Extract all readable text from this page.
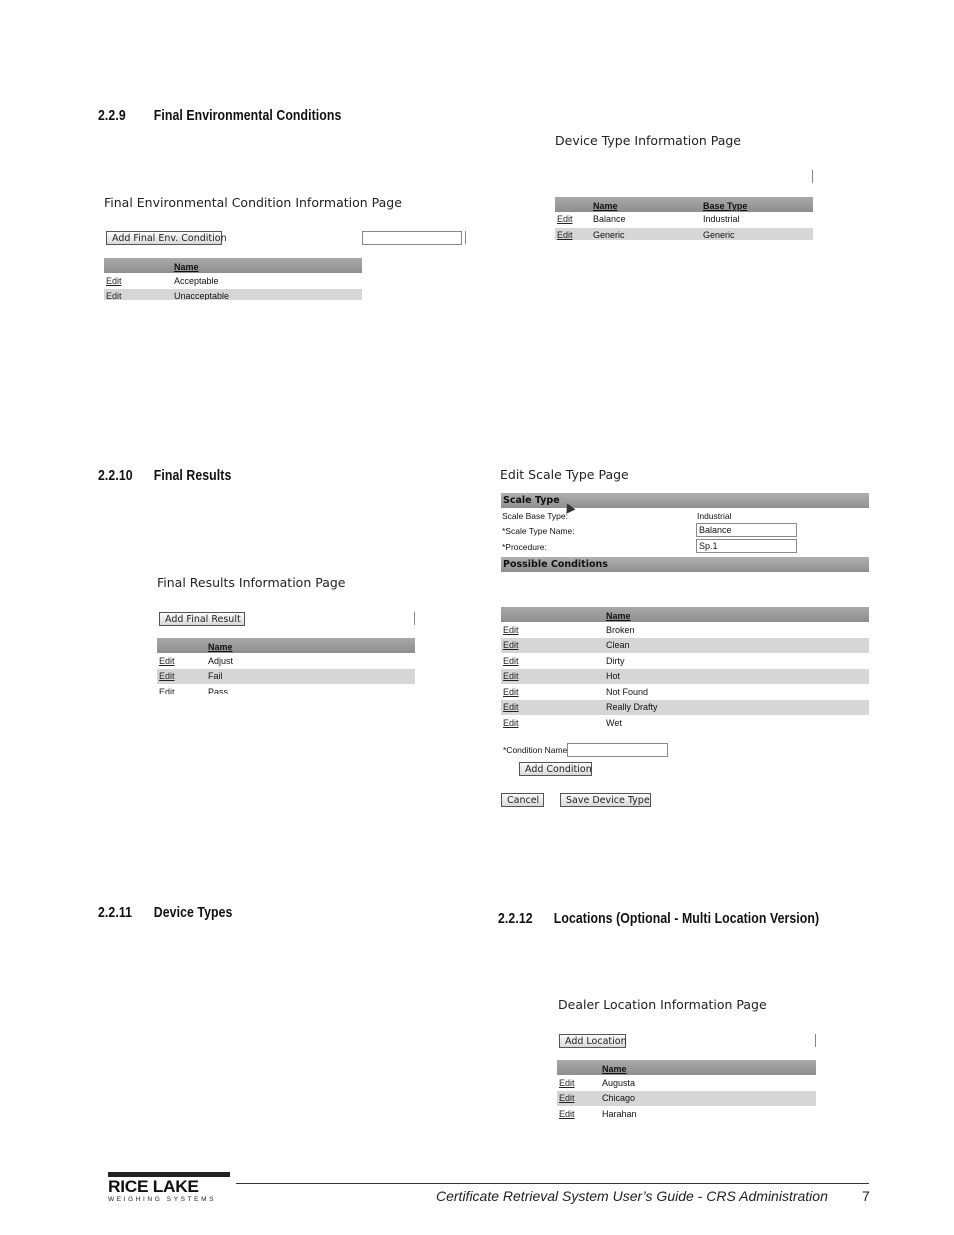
2.2.9 Final Environmental Conditions
2.2.10 Final Results
2.2.11 Device Types	2.2.12 Locations (Optional - Multi Location Version)
Final Environmental Condition Information Page
Add Final Env. Condition
Name
Edit	Acceptable
Edit	Unacceptable
Device Type Information Page
Name	Base Type
Edit Balance	Industrial
Edit Generic	Generic
Final Results Information Page
Add Final Result
Name
Edit	Adjust
Edit	Fail
Edit	Pass
Edit Scale Type Page
Scale Type
Scale Base Type:	Industrial
*Scale Type Name:	Balance
*Procedure:	Sp.1
Possible Conditions
Name
Edit	Broken
Edit	Clean
Edit	Dirty
Edit	Hot
Edit	Not Found
Edit	Really Drafty
Edit	Wet
*Condition Name
Add Condition
Cancel	Save Device Type
Dealer Location Information Page
Add Location
Name
Edit	Augusta
Edit	Chicago
Edit	Harahan
RICE LAKE
WEIGHING SYSTEMS	Certificate Retrieval System User’s Guide - CRS Administration 7
